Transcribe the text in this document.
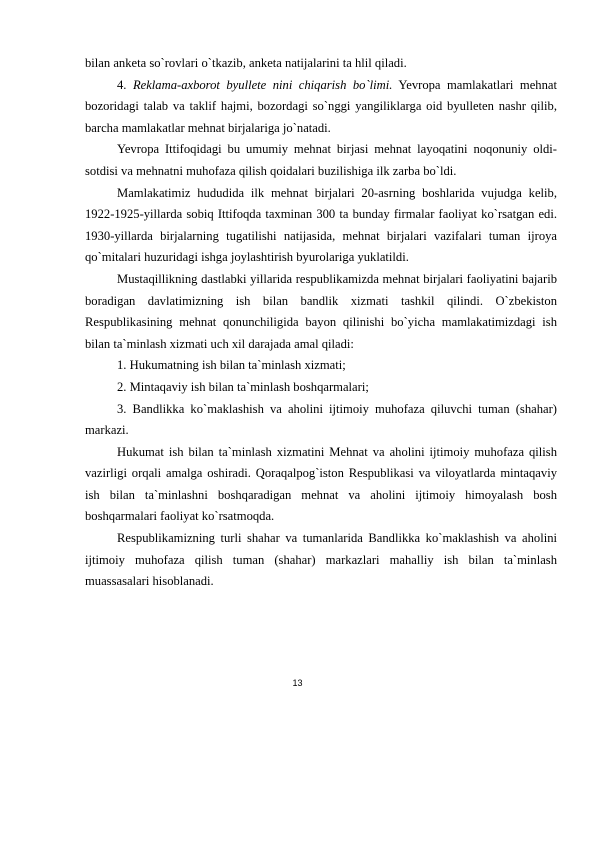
bilan anketa so`rovlari o`tkazib, anketa natijalarini ta hlil qiladi.

4. Reklama-axborot byullete nini chiqarish bo`limi. Yevropa mamlakatlari mehnat bozoridagi talab va taklif hajmi, bozordagi so`nggi yangiliklarga oid byulleten nashr qilib, barcha mamlakatlar mehnat birjalariga jo`natadi.

Yevropa Ittifoqidagi bu umumiy mehnat birjasi mehnat layoqatini noqonuniy oldi-sotdisi va mehnatni muhofaza qilish qoidalari buzilishiga ilk zarba bo`ldi.

Mamlakatimiz hududida ilk mehnat birjalari 20-asrning boshlarida vujudga kelib, 1922-1925-yillarda sobiq Ittifoqda taxminan 300 ta bunday firmalar faoliyat ko`rsatgan edi. 1930-yillarda birjalarning tugatilishi natijasida, mehnat birjalari vazifalari tuman ijroya qo`mitalari huzuridagi ishga joylashtirish byurolariga yuklatildi.

Mustaqillikning dastlabki yillarida respublikamizda mehnat birjalari faoliyatini bajarib boradigan davlatimizning ish bilan bandlik xizmati tashkil qilindi. O`zbekiston Respublikasining mehnat qonunchiligida bayon qilinishi bo`yicha mamlakatimizdagi ish bilan ta`minlash xizmati uch xil darajada amal qiladi:

1. Hukumatning ish bilan ta`minlash xizmati;

2. Mintaqaviy ish bilan ta`minlash boshqarmalari;

3. Bandlikka ko`maklashish va aholini ijtimoiy muhofaza qiluvchi tuman (shahar) markazi.

Hukumat ish bilan ta`minlash xizmatini Mehnat va aholini ijtimoiy muhofaza qilish vazirligi orqali amalga oshiradi. Qoraqalpog`iston Respublikasi va viloyatlarda mintaqaviy ish bilan ta`minlashni boshqaradigan mehnat va aholini ijtimoiy himoyalash bosh boshqarmalari faoliyat ko`rsatmoqda.

Respublikamizning turli shahar va tumanlarida Bandlikka ko`maklashish va aholini ijtimoiy muhofaza qilish tuman (shahar) markazlari mahalliy ish bilan ta`minlash muassasalari hisoblanadi.

13
